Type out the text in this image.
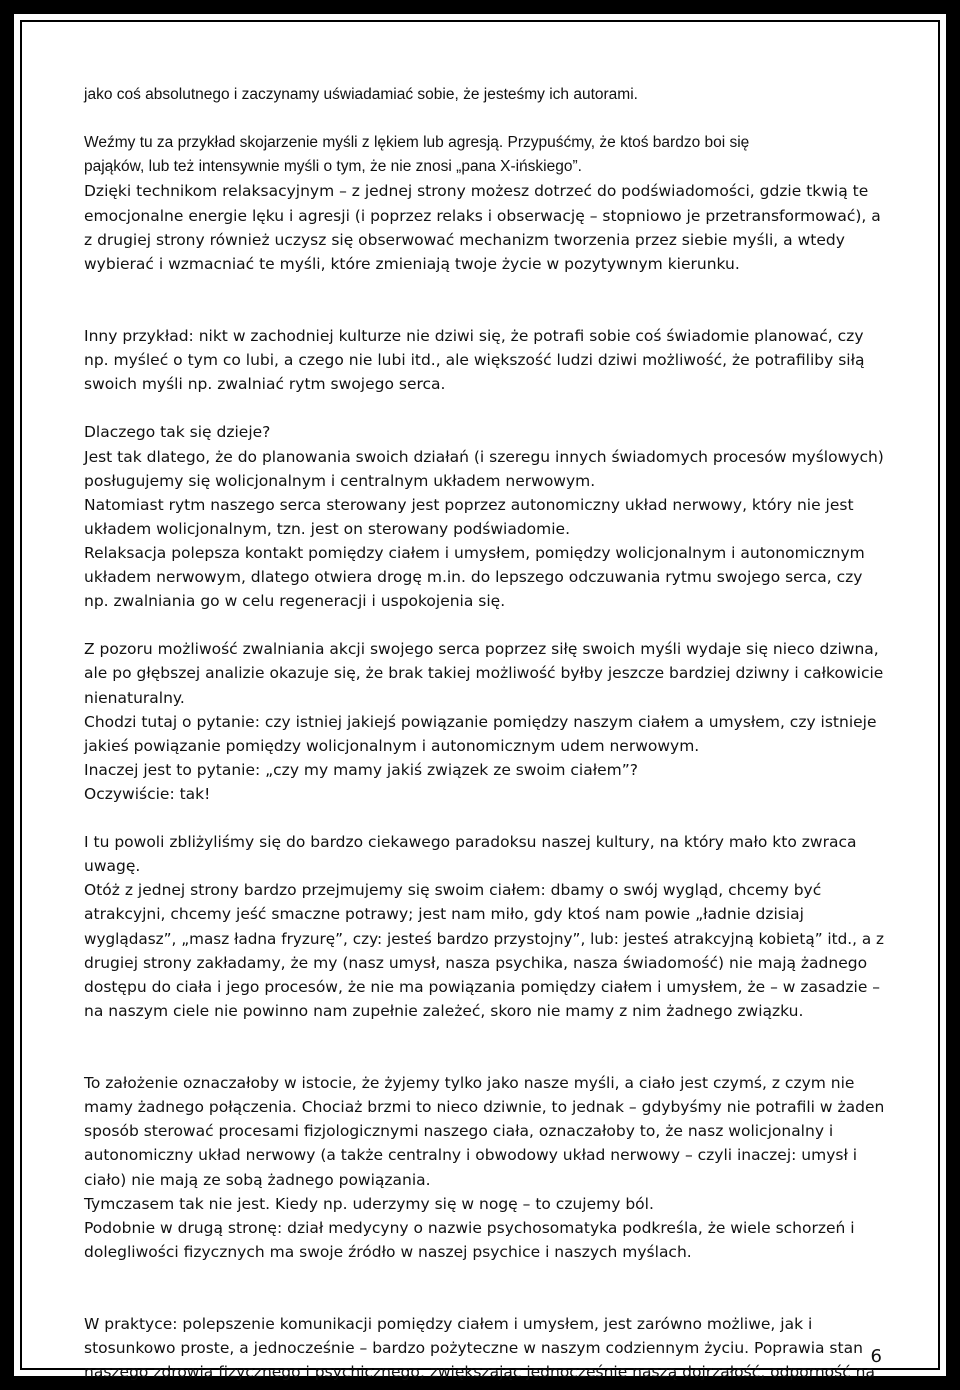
jako coś absolutnego i zaczynamy uświadamiać sobie, że jesteśmy ich autorami.
Weźmy tu za przykład skojarzenie myśli z lękiem lub agresją. Przypuśćmy, że ktoś bardzo boi się
pająków, lub też intensywnie myśli o tym, że nie znosi „pana X-ińskiego”.
Dzięki technikom relaksacyjnym – z jednej strony możesz dotrzeć do podświadomości, gdzie tkwią te
emocjonalne energie lęku i agresji (i poprzez relaks i obserwację – stopniowo je przetransformować), a
z drugiej strony również uczysz się obserwować mechanizm tworzenia przez siebie myśli, a wtedy
wybierać i wzmacniać te myśli, które zmieniają twoje życie w pozytywnym kierunku.
Inny przykład: nikt w zachodniej kulturze nie dziwi się, że potrafi sobie coś świadomie planować, czy
np. myśleć o tym co lubi, a czego nie lubi itd., ale większość ludzi dziwi możliwość, że potrafiliby siłą
swoich myśli np. zwalniać rytm swojego serca.
Dlaczego tak się dzieje?
Jest tak dlatego, że do planowania swoich działań (i szeregu innych świadomych procesów myślowych)
posługujemy się wolicjonalnym i centralnym układem nerwowym.
Natomiast rytm naszego serca sterowany jest poprzez autonomiczny układ nerwowy, który nie jest
układem wolicjonalnym, tzn. jest on sterowany podświadomie.
Relaksacja polepsza kontakt pomiędzy ciałem i umysłem, pomiędzy wolicjonalnym i autonomicznym
układem nerwowym, dlatego otwiera drogę m.in. do lepszego odczuwania rytmu swojego serca, czy
np. zwalniania go w celu regeneracji i uspokojenia się.
Z pozoru możliwość zwalniania akcji swojego serca poprzez siłę swoich myśli wydaje się nieco dziwna,
ale po głębszej analizie okazuje się, że brak takiej możliwość byłby jeszcze bardziej dziwny i całkowicie
nienaturalny.
Chodzi tutaj o pytanie: czy istniej jakiejś powiązanie pomiędzy naszym ciałem a umysłem, czy istnieje
jakieś powiązanie pomiędzy wolicjonalnym i autonomicznym udem nerwowym.
Inaczej jest to pytanie: „czy my mamy jakiś związek ze swoim ciałem”?
Oczywiście: tak!
I tu powoli zbliżyliśmy się do bardzo ciekawego paradoksu naszej kultury, na który mało kto zwraca
uwagę.
Otóż z jednej strony bardzo przejmujemy się swoim ciałem: dbamy o swój wygląd, chcemy być
atrakcyjni, chcemy jeść smaczne potrawy; jest nam miło, gdy ktoś nam powie „ładnie dzisiaj
wyglądasz”, „masz ładna fryzurę”, czy: jesteś bardzo przystojny”, lub: jesteś atrakcyjną kobietą” itd., a z
drugiej strony zakładamy, że my (nasz umysł, nasza psychika, nasza świadomość) nie mają żadnego
dostępu do ciała i jego procesów, że nie ma powiązania pomiędzy ciałem i umysłem, że – w zasadzie –
na naszym ciele nie powinno nam zupełnie zależeć, skoro nie mamy z nim żadnego związku.
To założenie oznaczałoby w istocie, że żyjemy tylko jako nasze myśli, a ciało jest czymś, z czym nie
mamy żadnego połączenia. Chociaż brzmi to nieco dziwnie, to jednak – gdybyśmy nie potrafili w żaden
sposób sterować procesami fizjologicznymi naszego ciała, oznaczałoby to, że nasz wolicjonalny i
autonomiczny układ nerwowy (a także centralny i obwodowy układ nerwowy – czyli inaczej: umysł i
ciało) nie mają ze sobą żadnego powiązania.
Tymczasem tak nie jest. Kiedy np. uderzymy się w nogę – to czujemy ból.
Podobnie w drugą stronę: dział medycyny o nazwie psychosomatyka podkreśla, że wiele schorzeń i
dolegliwości fizycznych ma swoje źródło w naszej psychice i naszych myślach.
W praktyce: polepszenie komunikacji pomiędzy ciałem i umysłem, jest zarówno możliwe, jak i
stosunkowo proste, a jednocześnie – bardzo pożyteczne w naszym codziennym życiu. Poprawia stan
naszego zdrowia fizycznego i psychicznego, zwiększając jednocześnie naszą dojrzałość, odporność na
6
